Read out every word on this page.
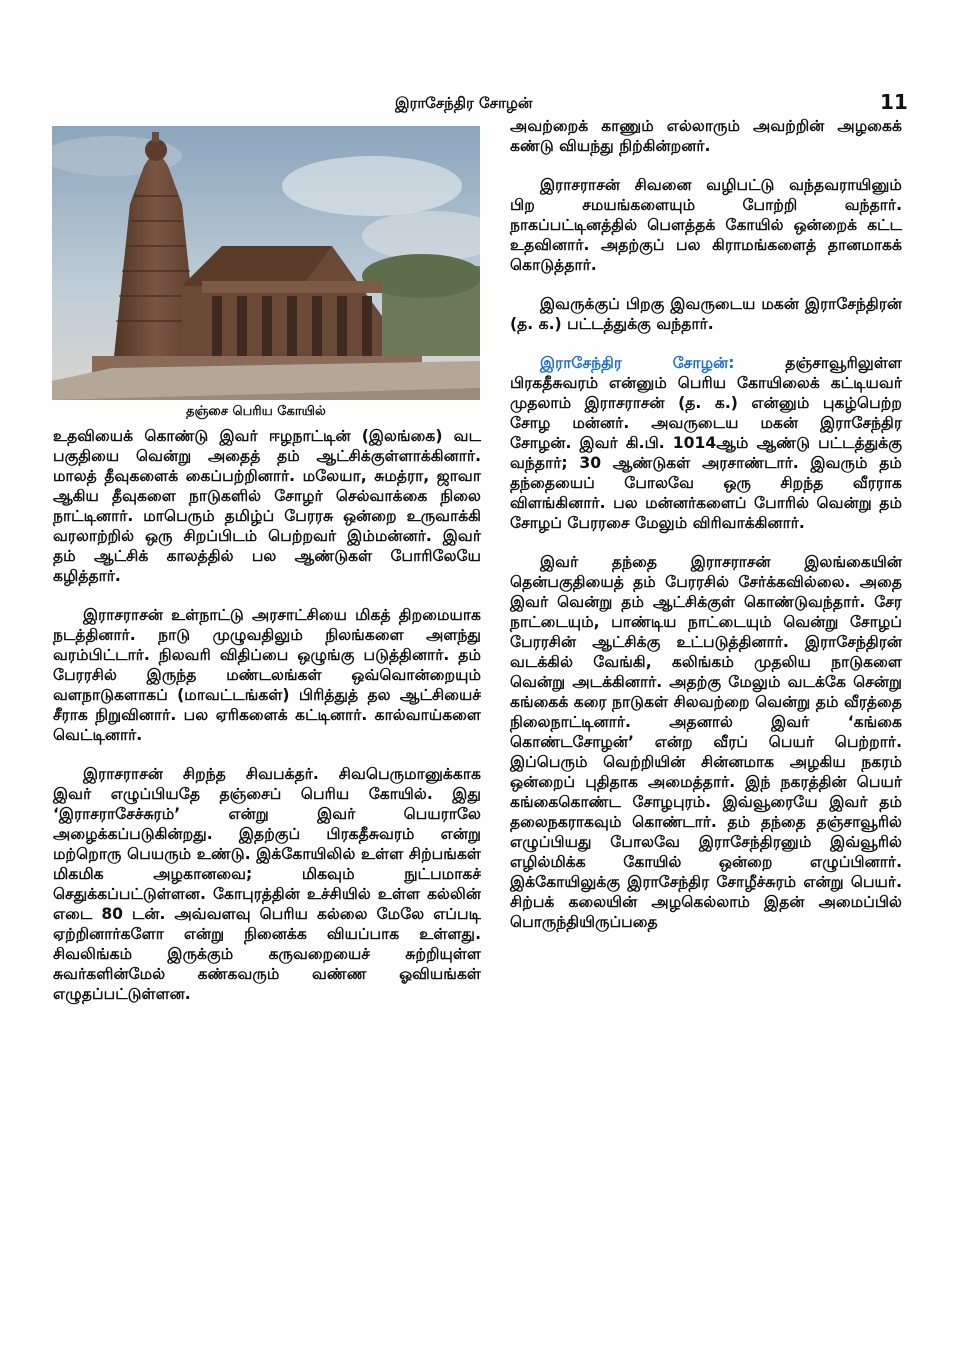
இராசேந்திர சோழன்	11
தஞ்சை பெரிய கோயில்

உதவியைக் கொண்டு இவர் ஈழநாட்டின் (இலங்கை) வட பகுதியை வென்று அதைத் தம் ஆட்சிக்குள்ளாக்கினார். மாலத் தீவுகளைக் கைப்பற்றினார். மலேயா, சுமத்ரா, ஜாவா ஆகிய தீவுகளை நாடுகளில் சோழர் செல்வாக்கை நிலை நாட்டினார். மாபெரும் தமிழ்ப் பேரரசு ஒன்றை உருவாக்கி வரலாற்றில் ஒரு சிறப்பிடம் பெற்றவர் இம்மன்னர். இவர் தம் ஆட்சிக் காலத்தில் பல ஆண்டுகள் போரிலேயே கழித்தார்.

இராசராசன் உள்நாட்டு அரசாட்சியை மிகத் திறமையாக நடத்தினார். நாடு முழுவதிலும் நிலங்களை அளந்து வரம்பிட்டார். நிலவரி விதிப்பை ஒழுங்கு படுத்தினார். தம் பேரரசில் இருந்த மண்டலங்கள் ஒவ்வொன்றையும் வளநாடுகளாகப் (மாவட்டங்கள்) பிரித்துத் தல ஆட்சியைச் சீராக நிறுவினார். பல ஏரிகளைக் கட்டினார். கால்வாய்களை வெட்டினார்.

இராசராசன் சிறந்த சிவபக்தர். சிவபெருமானுக்காக இவர் எழுப்பியதே தஞ்சைப் பெரிய கோயில். இது ‘இராசராசேச்சுரம்’ என்று இவர் பெயராலே அழைக்கப்படுகின்றது. இதற்குப் பிரகதீசுவரம் என்று மற்றொரு பெயரும் உண்டு. இக்கோயிலில் உள்ள சிற்பங்கள் மிகமிக அழகானவை; மிகவும் நுட்பமாகச் செதுக்கப்பட்டுள்ளன. கோபுரத்தின் உச்சியில் உள்ள கல்லின் எடை 80 டன். அவ்வளவு பெரிய கல்லை மேலே எப்படி ஏற்றினார்களோ என்று நினைக்க வியப்பாக உள்ளது. சிவலிங்கம் இருக்கும் கருவறையைச் சுற்றியுள்ள சுவர்களின்மேல் கண்கவரும் வண்ண ஓவியங்கள் எழுதப்பட்டுள்ளன.

அவற்றைக் காணும் எல்லாரும் அவற்றின் அழகைக் கண்டு வியந்து நிற்கின்றனர்.

இராசராசன் சிவனை வழிபட்டு வந்தவராயினும் பிற சமயங்களையும் போற்றி வந்தார். நாகப்பட்டினத்தில் பௌத்தக் கோயில் ஒன்றைக் கட்ட உதவினார். அதற்குப் பல கிராமங்களைத் தானமாகக் கொடுத்தார்.

இவருக்குப் பிறகு இவருடைய மகன் இராசேந்திரன் (த. க.) பட்டத்துக்கு வந்தார்.

இராசேந்திர சோழன்: தஞ்சாவூரிலுள்ள பிரகதீசுவரம் என்னும் பெரிய கோயிலைக் கட்டியவர் முதலாம் இராசராசன் (த. க.) என்னும் புகழ்பெற்ற சோழ மன்னர். அவருடைய மகன் இராசேந்திர சோழன். இவர் கி.பி. 1014ஆம் ஆண்டு பட்டத்துக்கு வந்தார்; 30 ஆண்டுகள் அரசாண்டார். இவரும் தம் தந்தையைப் போலவே ஒரு சிறந்த வீரராக விளங்கினார். பல மன்னர்களைப் போரில் வென்று தம் சோழப் பேரரசை மேலும் விரிவாக்கினார்.

இவர் தந்தை இராசராசன் இலங்கையின் தென்பகுதியைத் தம் பேரரசில் சேர்க்கவில்லை. அதை இவர் வென்று தம் ஆட்சிக்குள் கொண்டுவந்தார். சேர நாட்டையும், பாண்டிய நாட்டையும் வென்று சோழப் பேரரசின் ஆட்சிக்கு உட்படுத்தினார். இராசேந்திரன் வடக்கில் வேங்கி, கலிங்கம் முதலிய நாடுகளை வென்று அடக்கினார். அதற்கு மேலும் வடக்கே சென்று கங்கைக் கரை நாடுகள் சிலவற்றை வென்று தம் வீரத்தை நிலைநாட்டினார். அதனால் இவர் ‘கங்கை கொண்டசோழன்’ என்ற வீரப் பெயர் பெற்றார். இப்பெரும் வெற்றியின் சின்னமாக அழகிய நகரம் ஒன்றைப் புதிதாக அமைத்தார். இந் நகரத்தின் பெயர் கங்கைகொண்ட சோழபுரம். இவ்வூரையே இவர் தம் தலைநகராகவும் கொண்டார். தம் தந்தை தஞ்சாவூரில் எழுப்பியது போலவே இராசேந்திரனும் இவ்வூரில் எழில்மிக்க கோயில் ஒன்றை எழுப்பினார். இக்கோயிலுக்கு இராசேந்திர சோழீச்சுரம் என்று பெயர். சிற்பக் கலையின் அழகெல்லாம் இதன் அமைப்பில் பொருந்தியிருப்பதை
